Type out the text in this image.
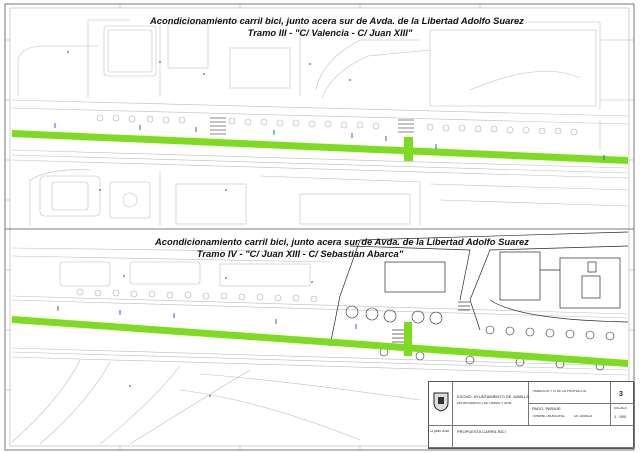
Acondicionamiento carril bici, junto acera sur de Avda. de la Libertad Adolfo Suarez
Tramo III - "C/ Valencia - C/ Juan XIII"
Acondicionamiento carril bici, junto acera sur de Avda. de la Libertad Adolfo Suarez
Tramo IV - "C/ Juan XIII - C/ Sebastian Abarca"
EXCMO. AYUNTAMIENTO DE JUMILLA
DEPARTAMENTO DE OBRAS Y URB.
TRAMOS III Y IV DE LA PROPUESTA	3
PAGO, PARAJE
TERMINO MUNICIPAL	DE JUMILLA
ESCALA
1 : 500
11 junio 2018 PROPUESTA CARRIL BICI
